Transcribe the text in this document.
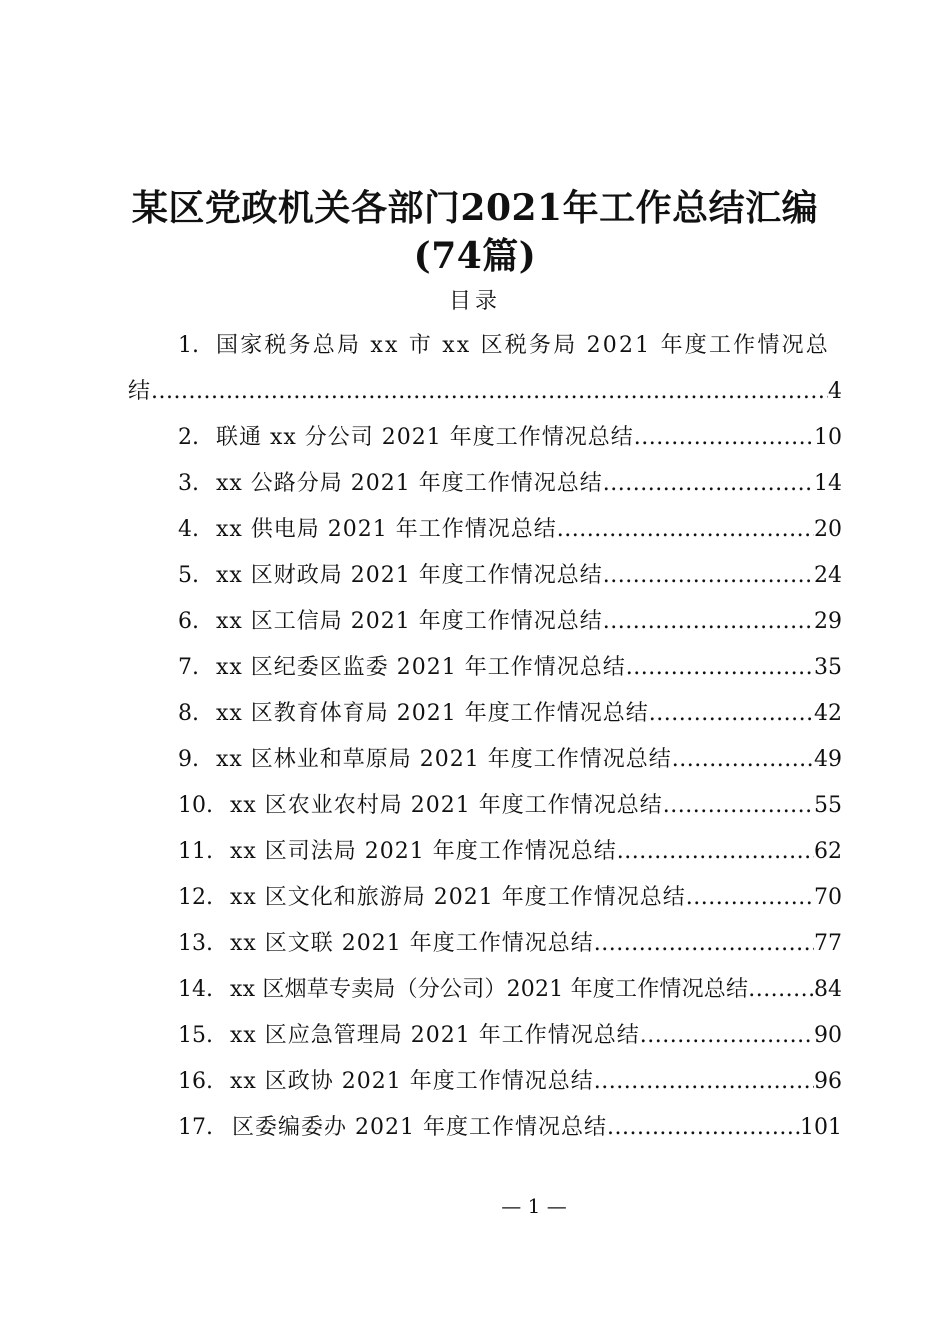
某区党政机关各部门2021年工作总结汇编
(74篇)
目录
1. 国家税务总局 xx 市 xx 区税务局 2021 年度工作情况总
结 .....	4
2. 联通 xx 分公司 2021 年度工作情况总结 .....	10
3. xx 公路分局 2021 年度工作情况总结 .....	14
4. xx 供电局 2021 年工作情况总结 .....	20
5. xx 区财政局 2021 年度工作情况总结 .....	24
6. xx 区工信局 2021 年度工作情况总结 .....	29
7. xx 区纪委区监委 2021 年工作情况总结 .....	35
8. xx 区教育体育局 2021 年度工作情况总结 .....	42
9. xx 区林业和草原局 2021 年度工作情况总结 .....	49
10. xx 区农业农村局 2021 年度工作情况总结 .....	55
11. xx 区司法局 2021 年度工作情况总结 .....	62
12. xx 区文化和旅游局 2021 年度工作情况总结 .....	70
13. xx 区文联 2021 年度工作情况总结 .....	77
14. xx 区烟草专卖局（分公司）2021 年度工作情况总结 .....	84
15. xx 区应急管理局 2021 年工作情况总结 .....	90
16. xx 区政协 2021 年度工作情况总结 .....	96
17. 区委编委办 2021 年度工作情况总结 .....	101
— 1 —
